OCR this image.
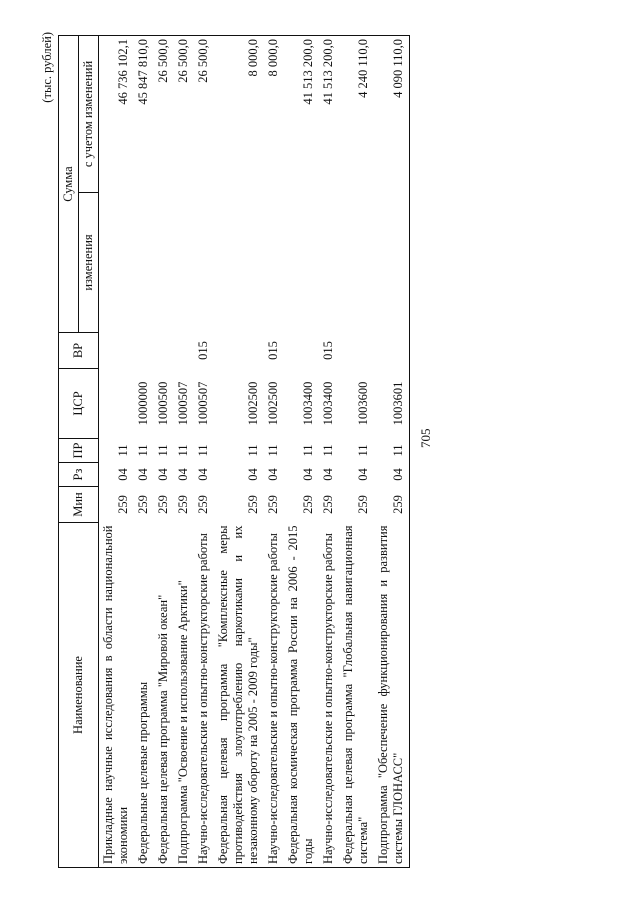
(тыс. рублей)
Наименование	Мин	Рз	ПР	ЦСР	ВР	Сумма	
						изменения	с учетом изменений
Прикладные научные исследования в области национальной экономики	259	04	11				46 736 102,1
Федеральные целевые программы	259	04	11	1000000			45 847 810,0
Федеральная целевая программа "Мировой океан"	259	04	11	1000500			26 500,0
Подпрограмма "Освоение и использование Арктики"	259	04	11	1000507			26 500,0
Научно-исследовательские и опытно-конструкторские работы	259	04	11	1000507	015		26 500,0
Федеральная целевая программа "Комплексные меры противодействия злоупотреблению наркотиками и их незаконному обороту на 2005 - 2009 годы"	259	04	11	1002500			8 000,0
Научно-исследовательские и опытно-конструкторские работы	259	04	11	1002500	015		8 000,0
Федеральная космическая программа России на 2006 - 2015 годы	259	04	11	1003400			41 513 200,0
Научно-исследовательские и опытно-конструкторские работы	259	04	11	1003400	015		41 513 200,0
Федеральная целевая программа "Глобальная навигационная система"	259	04	11	1003600			4 240 110,0
Подпрограмма "Обеспечение функционирования и развития системы ГЛОНАСС"	259	04	11	1003601			4 090 110,0
705
